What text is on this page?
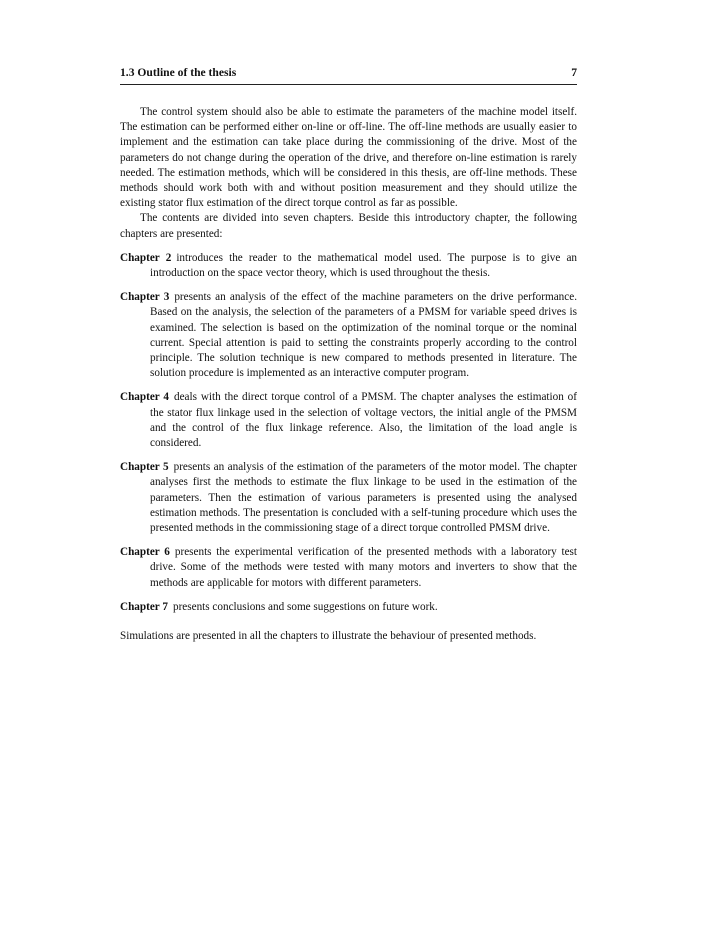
1.3 Outline of the thesis	7

The control system should also be able to estimate the parameters of the machine model itself. The estimation can be performed either on-line or off-line. The off-line methods are usually easier to implement and the estimation can take place during the commissioning of the drive. Most of the parameters do not change during the operation of the drive, and therefore on-line estimation is rarely needed. The estimation methods, which will be considered in this thesis, are off-line methods. These methods should work both with and without position measurement and they should utilize the existing stator flux estimation of the direct torque control as far as possible.

The contents are divided into seven chapters. Beside this introductory chapter, the following chapters are presented:

Chapter 2 introduces the reader to the mathematical model used. The purpose is to give an introduction on the space vector theory, which is used throughout the thesis.
Chapter 3 presents an analysis of the effect of the machine parameters on the drive performance. Based on the analysis, the selection of the parameters of a PMSM for variable speed drives is examined. The selection is based on the optimization of the nominal torque or the nominal current. Special attention is paid to setting the constraints properly according to the control principle. The solution technique is new compared to methods presented in literature. The solution procedure is implemented as an interactive computer program.
Chapter 4 deals with the direct torque control of a PMSM. The chapter analyses the estimation of the stator flux linkage used in the selection of voltage vectors, the initial angle of the PMSM and the control of the flux linkage reference. Also, the limitation of the load angle is considered.
Chapter 5 presents an analysis of the estimation of the parameters of the motor model. The chapter analyses first the methods to estimate the flux linkage to be used in the estimation of the parameters. Then the estimation of various parameters is presented using the analysed estimation methods. The presentation is concluded with a self-tuning procedure which uses the presented methods in the commissioning stage of a direct torque controlled PMSM drive.
Chapter 6 presents the experimental verification of the presented methods with a laboratory test drive. Some of the methods were tested with many motors and inverters to show that the methods are applicable for motors with different parameters.
Chapter 7 presents conclusions and some suggestions on future work.

Simulations are presented in all the chapters to illustrate the behaviour of presented methods.
